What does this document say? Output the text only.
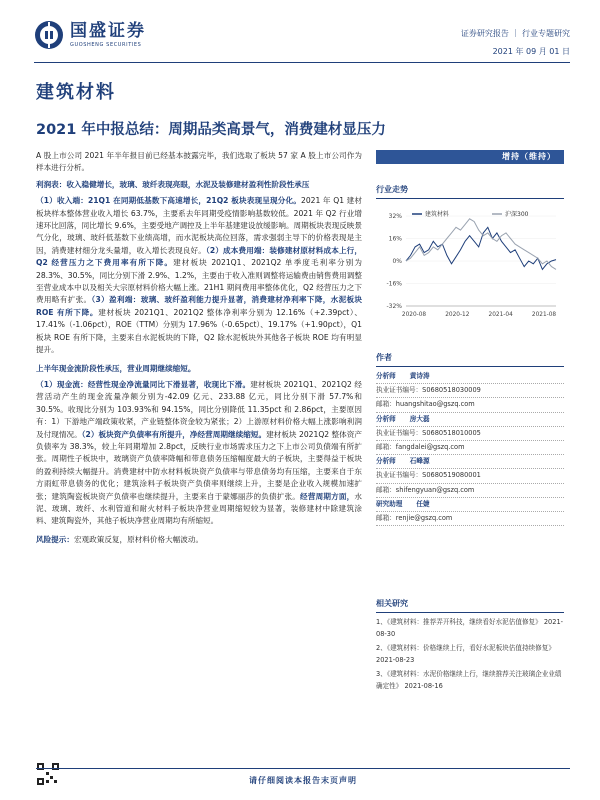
国盛证券
GUOSHENG SECURITIES
证券研究报告 ｜ 行业专题研究
2021 年 09 月 01 日
建筑材料
2021 年中报总结：周期品类高景气，消费建材显压力

A 股上市公司 2021 年半年报目前已经基本披露完毕，我们选取了板块 57 家 A 股上市公司作为样本进行分析。

利润表：收入稳健增长，玻璃、玻纤表现亮眼，水泥及装修建材盈利性阶段性承压

（1）收入端：21Q1 在同期低基数下高速增长，21Q2 板块表现呈现分化。2021 年 Q1 建材板块样本整体营业收入增长 63.7%，主要系去年同期受疫情影响基数较低。2021 年 Q2 行业增速环比回落，同比增长 9.6%，主要受地产调控及上半年基建建设放缓影响。周期板块表现反映景气分化，玻璃、玻纤低基数下业绩高增，而水泥板块高位回落，需求强弱主导下的价格表现是主因，消费建材细分龙头量增，收入增长表现良好。（2）成本费用端：装修建材原材料成本上行，Q2 经营压力之下费用率有所下降。建材板块 2021Q1、2021Q2 单季度毛利率分别为 28.3%、30.5%，同比分别下滑 2.9%、1.2%，主要由于收入准则调整将运输费由销售费用调整至营业成本中以及相关大宗原材料价格大幅上涨。21H1 期间费用率整体优化，Q2 经营压力之下费用略有扩张。（3）盈利端：玻璃、玻纤盈利能力提升显著，消费建材净利率下降，水泥板块 ROE 有所下降。建材板块 2021Q1、2021Q2 整体净利率分别为 12.16%（+2.39pct）、17.41%（-1.06pct），ROE（TTM）分别为 17.96%（-0.65pct）、19.17%（+1.90pct），Q1 板块 ROE 有所下降，主要来自水泥板块的下降，Q2 除水泥板块外其他各子板块 ROE 均有明显提升。

上半年现金流阶段性承压，营业周期继续缩短。

（1）现金流：经营性现金净流量同比下滑显著，收现比下滑。建材板块 2021Q1、2021Q2 经营活动产生的现金流量净额分别为-42.09 亿元、233.88 亿元，同比分别下滑 57.7%和 30.5%。收现比分别为 103.93%和 94.15%，同比分别降低 11.35pct 和 2.86pct，主要原因有：1）下游地产端政策收紧，产业链整体资金较为紧张；2）上游原材料价格大幅上涨影响利润及付现情况。（2）板块资产负债率有所提升，净经营周期继续缩短。建材板块 2021Q2 整体资产负债率为 38.3%，较上年同期增加 2.8pct，反映行业市场需求压力之下上市公司负债端有所扩张。周期性子板块中，玻璃资产负债率降幅和带息债务压缩幅度最大的子板块，主要得益于板块的盈利持续大幅提升。消费建材中防水材料板块资产负债率与带息债务均有压缩，主要来自于东方雨虹带息债务的优化；建筑涂料子板块资产负债率则继续上升，主要是企业收入规模加速扩张；建筑陶瓷板块资产负债率也继续提升，主要来自于蒙娜丽莎的负债扩张。经营周期方面，水泥、玻璃、玻纤、水利管道和耐火材料子板块净营业周期缩短较为显著，装修建材中除建筑涂料、建筑陶瓷外，其他子板块净营业周期均有所缩短。

风险提示：宏观政策反复，原材料价格大幅波动。

增持（维持）
行业走势
32%
16%
0%
-16%
-32%
2020-08	2020-12	2021-04	2021-08
建筑材料	沪深300
作者
分析师 黄诗涛
执业证书编号： S0680518030009
邮箱： huangshitao@gszq.com
分析师 房大磊
执业证书编号： S0680518010005
邮箱： fangdalei@gszq.com
分析师 石峰源
执业证书编号： S0680519080001
邮箱： shifengyuan@gszq.com
研究助理 任婕
邮箱： renjie@gszq.com
相关研究
1、《建筑材料：推荐弄开科技，继续看好水泥估值修复》 2021-08-30
2、《建筑材料：价格继续上行，看好水泥板块估值持续修复》 2021-08-23
3、《建筑材料：水泥价格继续上行，继续推荐关注玻璃企业业绩确定性》 2021-08-16
请仔细阅读本报告末页声明
